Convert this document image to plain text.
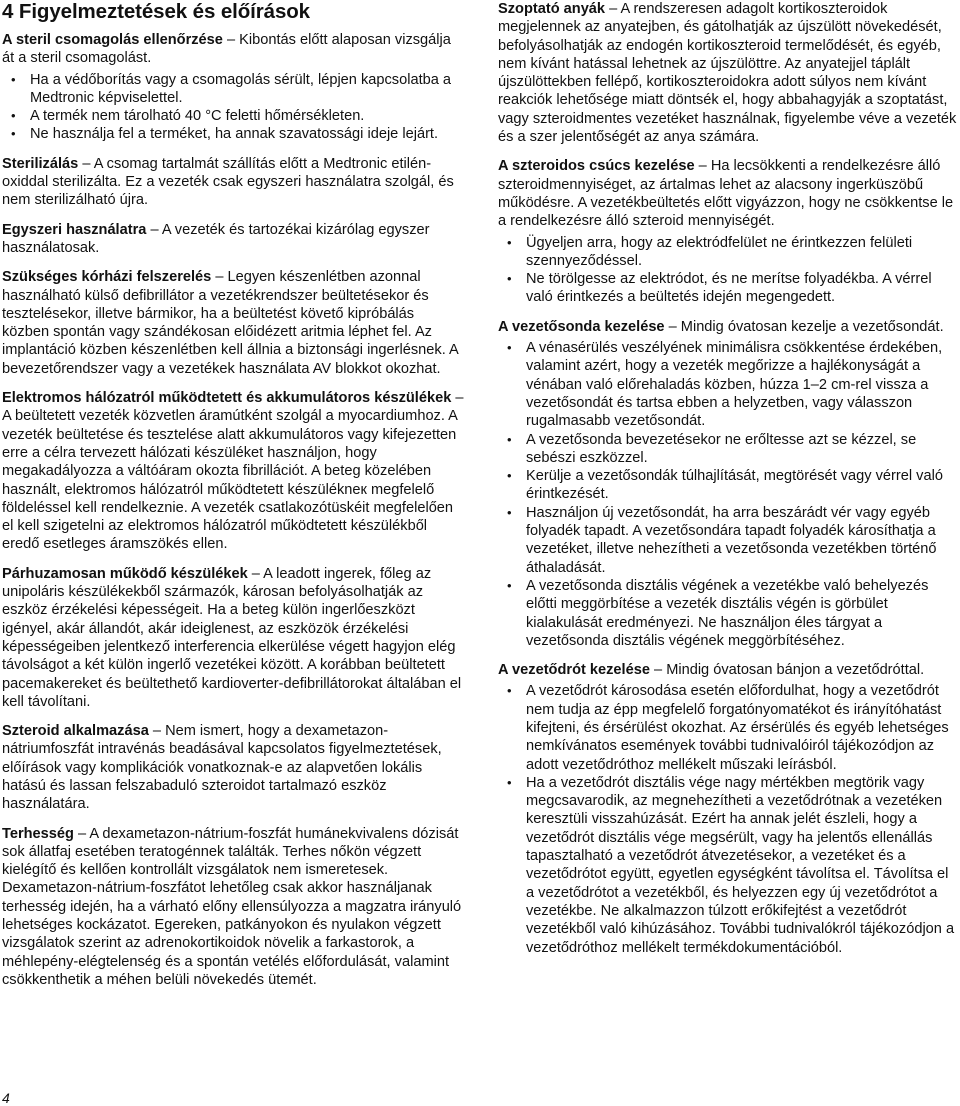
4 Figyelmeztetések és előírások

A steril csomagolás ellenőrzése – Kibontás előtt alaposan vizsgálja át a steril csomagolást.

• Ha a védőborítás vagy a csomagolás sérült, lépjen kapcsolatba a Medtronic képviselettel.
• A termék nem tárolható 40 °C feletti hőmérsékleten.
• Ne használja fel a terméket, ha annak szavatossági ideje lejárt.

Sterilizálás – A csomag tartalmát szállítás előtt a Medtronic etilén-oxiddal sterilizálta. Ez a vezeték csak egyszeri használatra szolgál, és nem sterilizálható újra.

Egyszeri használatra – A vezeték és tartozékai kizárólag egyszer használatosak.

Szükséges kórházi felszerelés – Legyen készenlétben azonnal használható külső defibrillátor a vezetékrendszer beültetésekor és tesztelésekor, illetve bármikor, ha a beültetést követő kipróbálás közben spontán vagy szándékosan előidézett aritmia léphet fel. Az implantáció közben készenlétben kell állnia a biztonsági ingerlésnek. A bevezetőrendszer vagy a vezetékek használata AV blokkot okozhat.

Elektromos hálózatról működtetett és akkumulátoros készülékek – A beültetett vezeték közvetlen áramútként szolgál a myocardiumhoz. A vezeték beültetése és tesztelése alatt akkumulátoros vagy kifejezetten erre a célra tervezett hálózati készüléket használjon, hogy megakadályozza a váltóáram okozta fibrillációt. A beteg közelében használt, elektromos hálózatról működtetett készülékneк megfelelő földeléssel kell rendelkeznie. A vezeték csatlakozótüskéit megfelelően el kell szigetelni az elektromos hálózatról működtetett készülékből eredő esetleges áramszökés ellen.

Párhuzamosan működő készülékek – A leadott ingerek, főleg az unipoláris készülékekből származók, károsan befolyásolhatják az eszköz érzékelési képességeit. Ha a beteg külön ingerlőeszközt igényel, akár állandót, akár ideiglenest, az eszközök érzékelési képességeiben jelentkező interferencia elkerülése végett hagyjon elég távolságot a két külön ingerlő vezetékei között. A korábban beültetett pacemakereket és beültethető kardioverter-defibrillátorokat általában el kell távolítani.

Szteroid alkalmazása – Nem ismert, hogy a dexametazon-nátriumfoszfát intravénás beadásával kapcsolatos figyelmeztetések, előírások vagy komplikációk vonatkoznak-e az alapvetően lokális hatású és lassan felszabaduló szteroidot tartalmazó eszköz használatára.

Terhesség – A dexametazon-nátrium-foszfát humánekvivalens dózisát sok állatfaj esetében teratogénnek találták. Terhes nőkön végzett kielégítő és kellően kontrollált vizsgálatok nem ismeretesek. Dexametazon-nátrium-foszfátot lehetőleg csak akkor használjanak terhesség idején, ha a várható előny ellensúlyozza a magzatra irányuló lehetséges kockázatot. Egereken, patkányokon és nyulakon végzett vizsgálatok szerint az adrenokortikoidok növelik a farkastorok, a méhlepény-elégtelenség és a spontán vetélés előfordulását, valamint csökkenthetik a méhen belüli növekedés ütemét.

Szoptató anyák – A rendszeresen adagolt kortikoszteroidok megjelennek az anyatejben, és gátolhatják az újszülött növekedését, befolyásolhatják az endogén kortikoszteroid termelődését, és egyéb, nem kívánt hatással lehetnek az újszülöttre. Az anyatejjel táplált újszülöttekben fellépő, kortikoszteroidokra adott súlyos nem kívánt reakciók lehetősége miatt döntsék el, hogy abbahagyják a szoptatást, vagy szteroidmentes vezetéket használnak, figyelembe véve a vezeték és a szer jelentőségét az anya számára.

A szteroidos csúcs kezelése – Ha lecsökkenti a rendelkezésre álló szteroidmennyiséget, az ártalmas lehet az alacsony ingerküszöbű működésre. A vezetékbeültetés előtt vigyázzon, hogy ne csökkentse le a rendelkezésre álló szteroid mennyiségét.

• Ügyeljen arra, hogy az elektródfelület ne érintkezzen felületi szennyeződéssel.
• Ne törölgesse az elektródot, és ne merítse folyadékba. A vérrel való érintkezés a beültetés idején megengedett.

A vezetősonda kezelése – Mindig óvatosan kezelje a vezetősondát.

• A vénasérülés veszélyének minimálisra csökkentése érdekében, valamint azért, hogy a vezeték megőrizze a hajlékonyságát a vénában való előrehaladás közben, húzza 1–2 cm-rel vissza a vezetősondát és tartsa ebben a helyzetben, vagy válasszon rugalmasabb vezetősondát.
• A vezetősonda bevezetésekor ne erőltesse azt se kézzel, se sebészi eszközzel.
• Kerülje a vezetősondák túlhajlítását, megtörését vagy vérrel való érintkezését.
• Használjon új vezetősondát, ha arra beszárádt vér vagy egyéb folyadék tapadt. A vezetősondára tapadt folyadék károsíthatja a vezetéket, illetve nehezítheti a vezetősonda vezetékben történő áthaladását.
• A vezetősonda disztális végének a vezetékbe való behelyezés előtti meggörbítése a vezeték disztális végén is görbület kialakulását eredményezi. Ne használjon éles tárgyat a vezetősonda disztális végének meggörbítéséhez.

A vezetődrót kezelése – Mindig óvatosan bánjon a vezetődróttal.

• A vezetődrót károsodása esetén előfordulhat, hogy a vezetődrót nem tudja az épp megfelelő forgatónyomatékot és irányítóhatást kifejteni, és érsérülést okozhat. Az érsérülés és egyéb lehetséges nemkívánatos események további tudnivalóiról tájékozódjon az adott vezetődróthoz mellékelt műszaki leírásból.
• Ha a vezetődrót disztális vége nagy mértékben megtörik vagy megcsavarodik, az megnehezítheti a vezetődrótnak a vezetéken keresztüli visszahúzását. Ezért ha annak jelét észleli, hogy a vezetődrót disztális vége megsérült, vagy ha jelentős ellenállás tapasztalható a vezetődrót átvezetésekor, a vezetéket és a vezetődrótot együtt, egyetlen egységként távolítsa el. Távolítsa el a vezetődrótot a vezetékből, és helyezzen egy új vezetődrótot a vezetékbe. Ne alkalmazzon túlzott erőkifejtést a vezetődrót vezetékből való kihúzásához. További tudnivalókról tájékozódjon a vezetődróthoz mellékelt termékdokumentációból.
4
